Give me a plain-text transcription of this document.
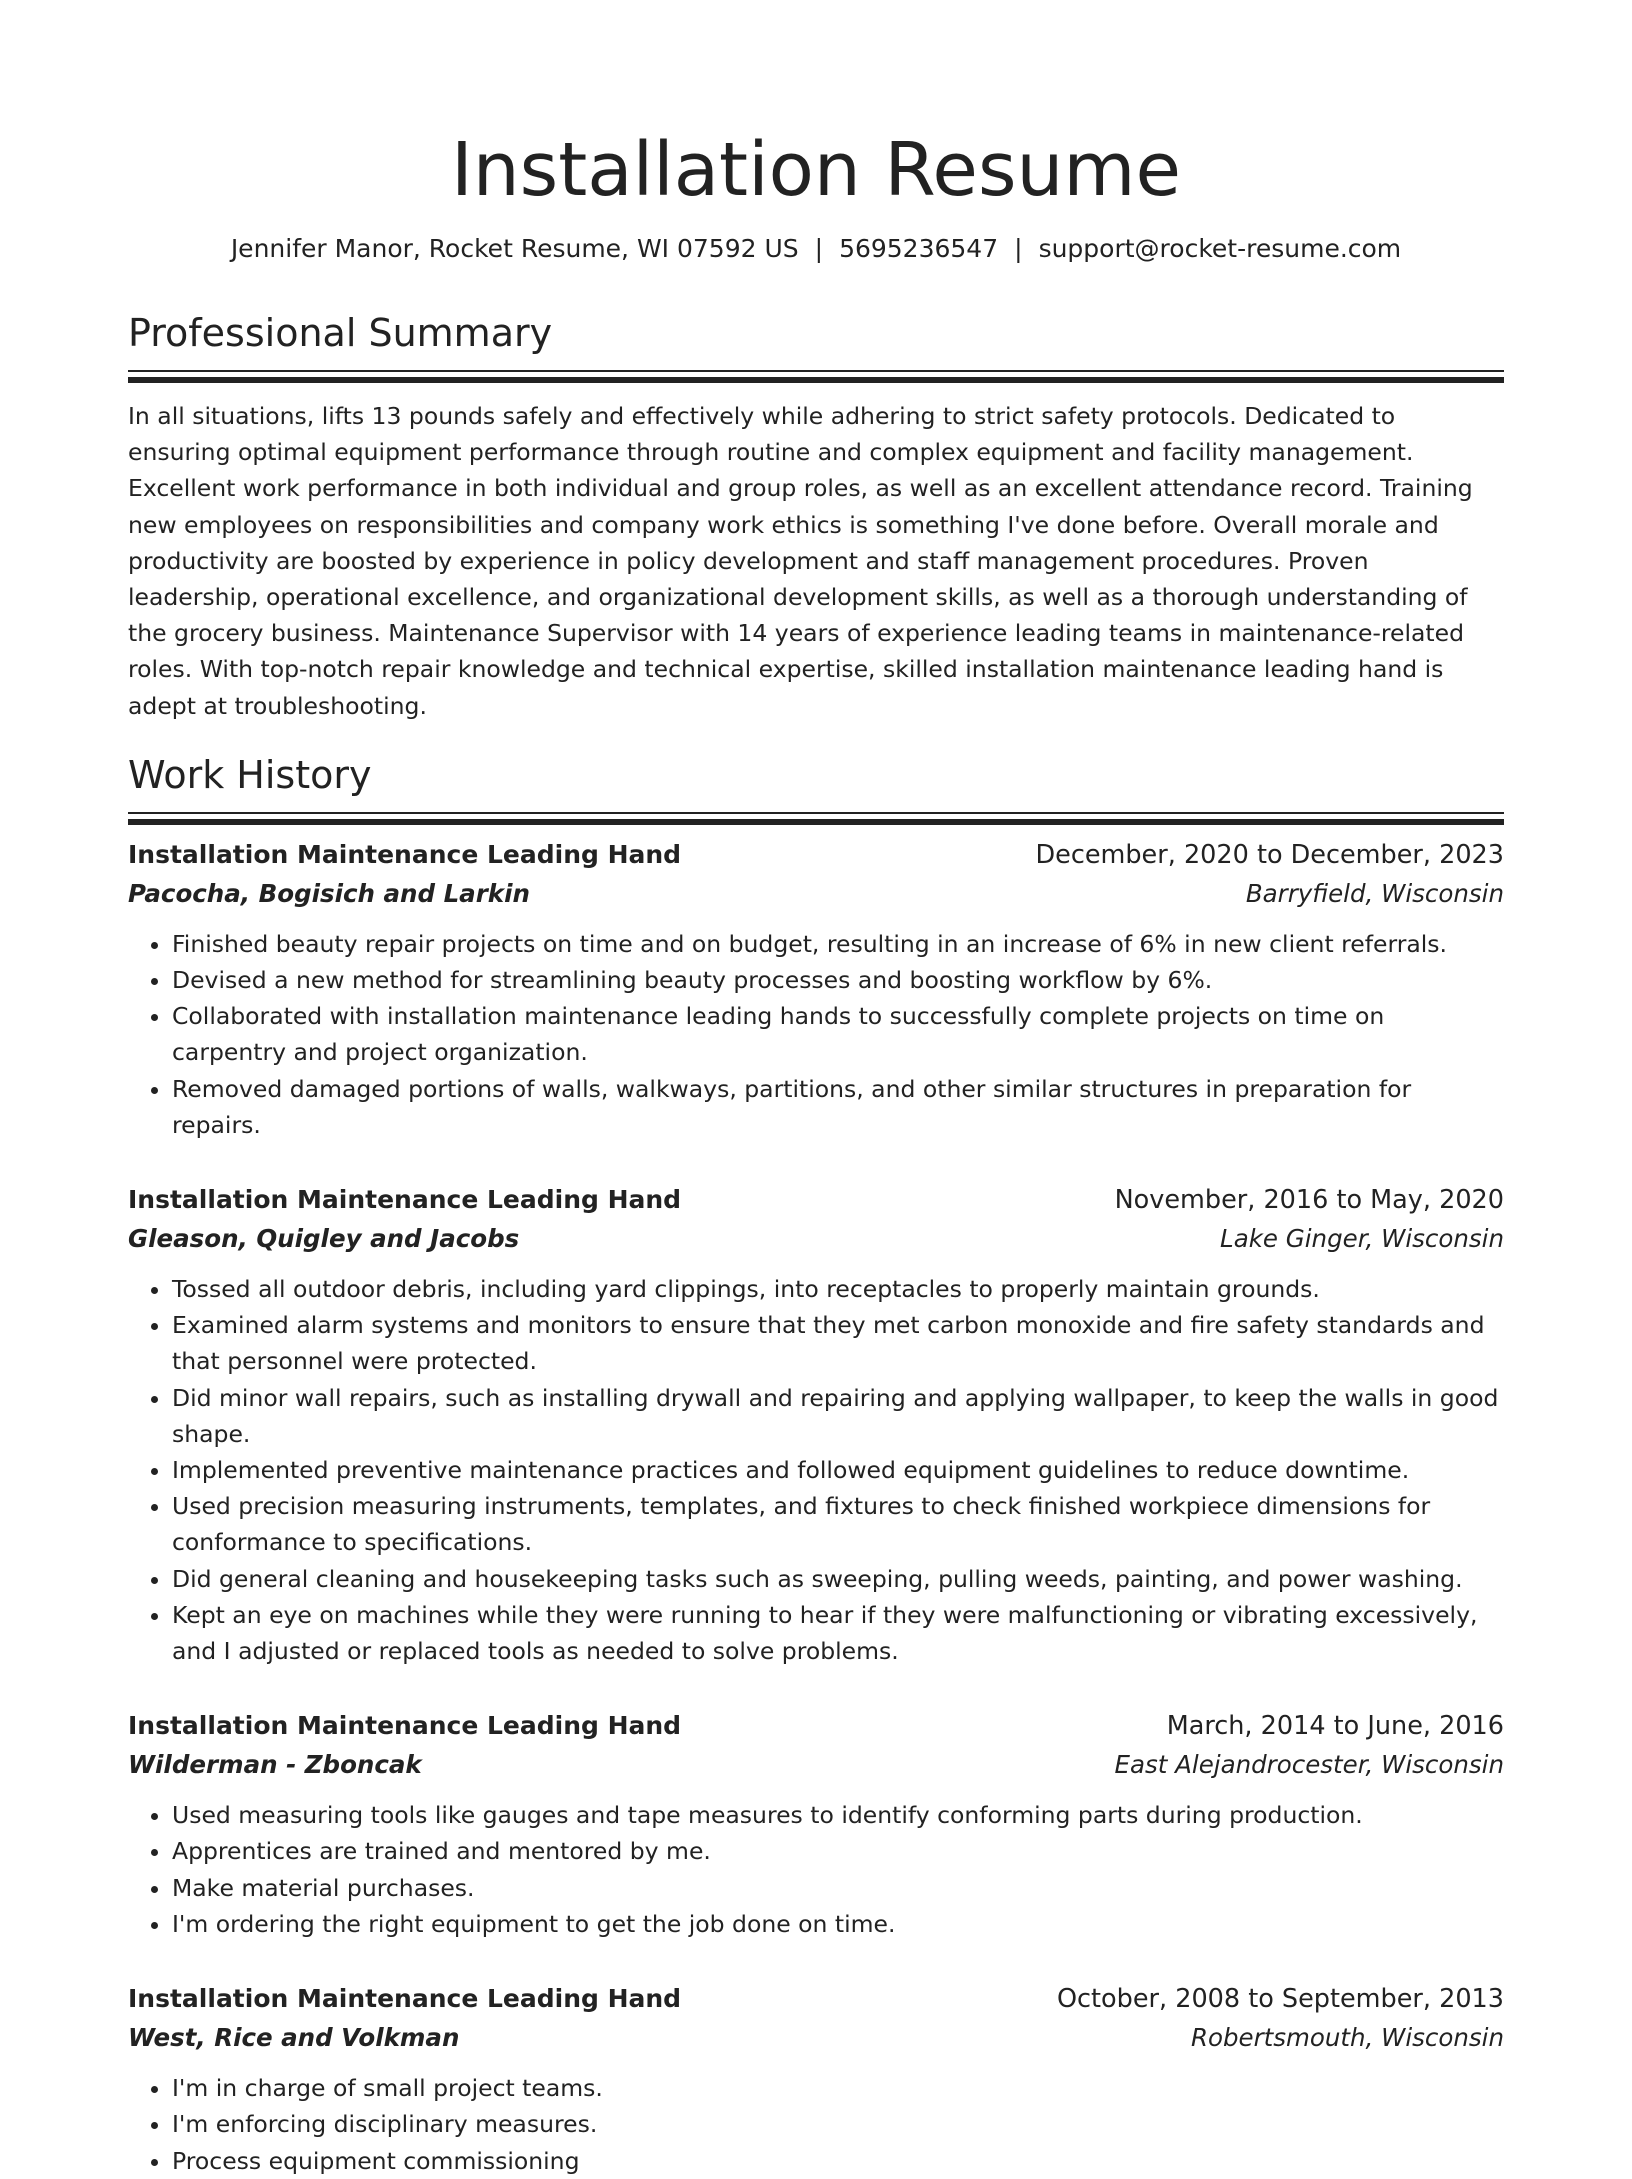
Installation Resume
Jennifer Manor, Rocket Resume, WI 07592 US | 5695236547 | support@rocket-resume.com
Professional Summary

In all situations, lifts 13 pounds safely and effectively while adhering to strict safety protocols. Dedicated to ensuring optimal equipment performance through routine and complex equipment and facility management. Excellent work performance in both individual and group roles, as well as an excellent attendance record. Training new employees on responsibilities and company work ethics is something I've done before. Overall morale and productivity are boosted by experience in policy development and staff management procedures. Proven leadership, operational excellence, and organizational development skills, as well as a thorough understanding of the grocery business. Maintenance Supervisor with 14 years of experience leading teams in maintenance-related roles. With top-notch repair knowledge and technical expertise, skilled installation maintenance leading hand is adept at troubleshooting.

Work History
Installation Maintenance Leading Hand	December, 2020 to December, 2023
Pacocha, Bogisich and Larkin	Barryfield, Wisconsin
• Finished beauty repair projects on time and on budget, resulting in an increase of 6% in new client referrals.
• Devised a new method for streamlining beauty processes and boosting workflow by 6%.
• Collaborated with installation maintenance leading hands to successfully complete projects on time on carpentry and project organization.
• Removed damaged portions of walls, walkways, partitions, and other similar structures in preparation for repairs.
Installation Maintenance Leading Hand	November, 2016 to May, 2020
Gleason, Quigley and Jacobs	Lake Ginger, Wisconsin
• Tossed all outdoor debris, including yard clippings, into receptacles to properly maintain grounds.
• Examined alarm systems and monitors to ensure that they met carbon monoxide and fire safety standards and that personnel were protected.
• Did minor wall repairs, such as installing drywall and repairing and applying wallpaper, to keep the walls in good shape.
• Implemented preventive maintenance practices and followed equipment guidelines to reduce downtime.
• Used precision measuring instruments, templates, and fixtures to check finished workpiece dimensions for conformance to specifications.
• Did general cleaning and housekeeping tasks such as sweeping, pulling weeds, painting, and power washing.
• Kept an eye on machines while they were running to hear if they were malfunctioning or vibrating excessively, and I adjusted or replaced tools as needed to solve problems.
Installation Maintenance Leading Hand	March, 2014 to June, 2016
Wilderman - Zboncak	East Alejandrocester, Wisconsin
• Used measuring tools like gauges and tape measures to identify conforming parts during production.
• Apprentices are trained and mentored by me.
• Make material purchases.
• I'm ordering the right equipment to get the job done on time.
Installation Maintenance Leading Hand	October, 2008 to September, 2013
West, Rice and Volkman	Robertsmouth, Wisconsin
• I'm in charge of small project teams.
• I'm enforcing disciplinary measures.
• Process equipment commissioning
